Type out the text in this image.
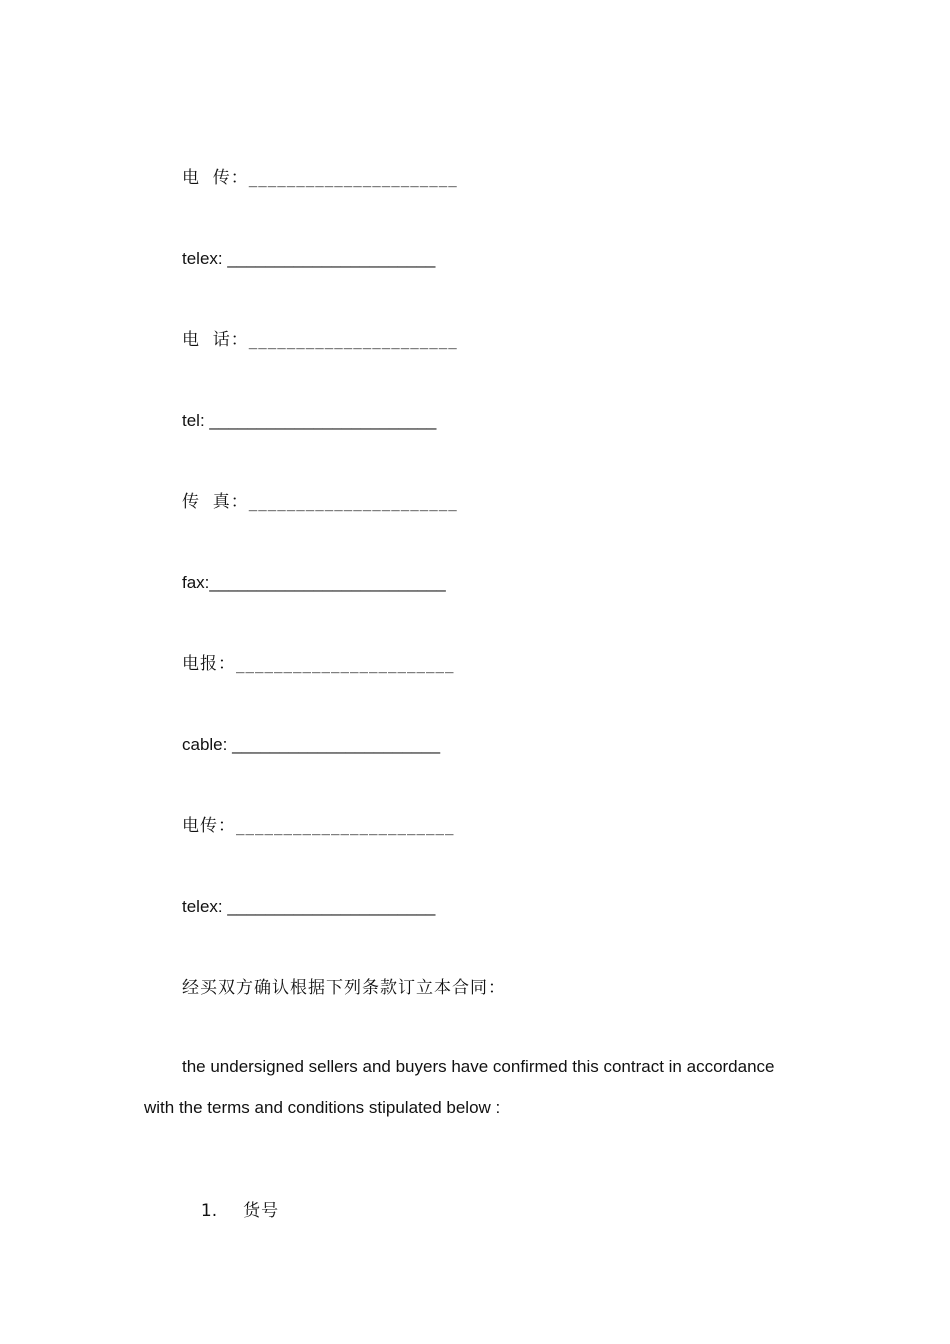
电  传：______________________
telex: ______________________
电  话：______________________
tel: ________________________
传  真：______________________
fax:_________________________
电报：_______________________
cable: ______________________
电传：_______________________
telex: ______________________
经买双方确认根据下列条款订立本合同：
the undersigned sellers and buyers have confirmed this contract in accordance with the terms and conditions stipulated below :

1. 货号
